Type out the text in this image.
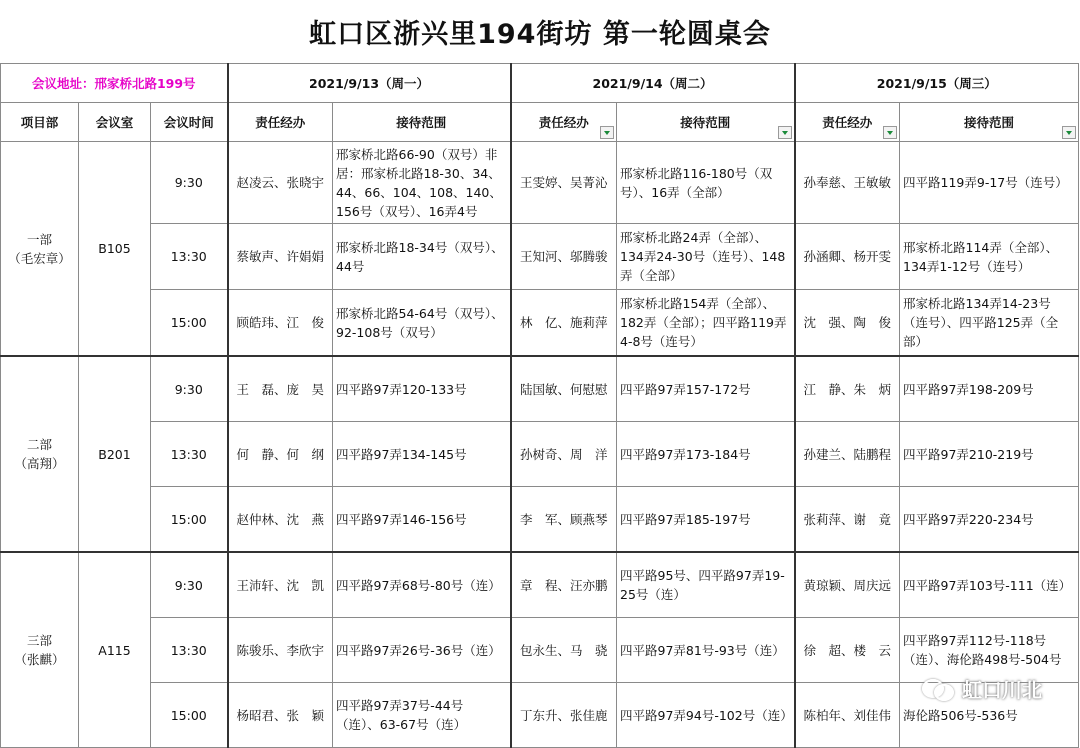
虹口区浙兴里194街坊 第一轮圆桌会
会议地址：邢家桥北路199号			2021/9/13（周一）		2021/9/14（周二）		2021/9/15（周三）	
项目部	会议室	会议时间	责任经办	接待范围	责任经办	接待范围	责任经办	接待范围

一部
（毛宏章）	B105	9:30	赵凌云、张晓宇	邢家桥北路66-90（双号）非居：邢家桥北路18-30、34、44、66、104、108、140、156号（双号）、16弄4号	王雯婷、吴菁沁	邢家桥北路116-180号（双号）、16弄（全部）	孙奉慈、王敏敏	四平路119弄9-17号（连号）
		13:30	蔡敏声、许娟娟	邢家桥北路18-34号（双号）、44号	王知河、邬腾骏	邢家桥北路24弄（全部）、134弄24-30号（连号）、148弄（全部）	孙涵卿、杨开雯	邢家桥北路114弄（全部）、134弄1-12号（连号）
		15:00	顾皓玮、江　俊	邢家桥北路54-64号（双号）、92-108号（双号）	林　亿、施莉萍	邢家桥北路154弄（全部）、182弄（全部）；四平路119弄4-8号（连号）	沈　强、陶　俊	邢家桥北路134弄14-23号（连号）、四平路125弄（全部）
二部
（高翔）	B201	9:30	王　磊、庞　昊	四平路97弄120-133号	陆国敏、何慰慰	四平路97弄157-172号	江　静、朱　炳	四平路97弄198-209号
		13:30	何　静、何　纲	四平路97弄134-145号	孙树奇、周　洋	四平路97弄173-184号	孙建兰、陆鹏程	四平路97弄210-219号
		15:00	赵仲林、沈　燕	四平路97弄146-156号	李　军、顾燕琴	四平路97弄185-197号	张莉萍、谢　竟	四平路97弄220-234号
三部
（张麒）	A115	9:30	王沛轩、沈　凯	四平路97弄68号-80号（连）	章　程、汪亦鹏	四平路95号、四平路97弄19-25号（连）	黄琼颖、周庆远	四平路97弄103号-111（连）
		13:30	陈骏乐、李欣宇	四平路97弄26号-36号（连）	包永生、马　骁	四平路97弄81号-93号（连）	徐　超、楼　云	四平路97弄112号-118号（连）、海伦路498号-504号
		15:00	杨昭君、张　颖	四平路97弄37号-44号（连）、63-67号（连）	丁东升、张佳鹿	四平路97弄94号-102号（连）	陈柏年、刘佳伟	海伦路506号-536号
虹口川北
